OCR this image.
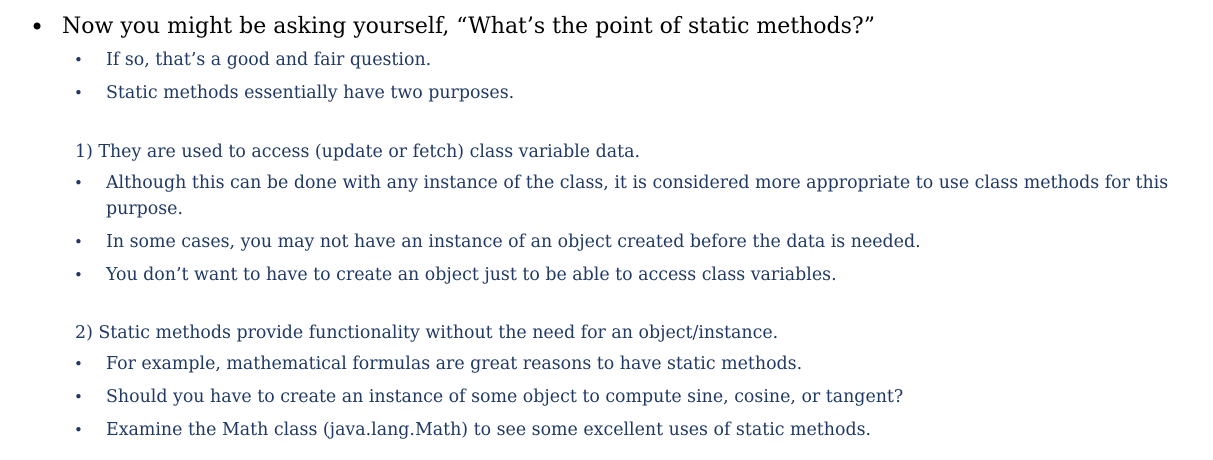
• Now you might be asking yourself, “What’s the point of static methods?”
•	If so, that’s a good and fair question.
•	Static methods essentially have two purposes.
1) They are used to access (update or fetch) class variable data.
•	Although this can be done with any instance of the class, it is considered more appropriate to use class methods for this purpose.
•	In some cases, you may not have an instance of an object created before the data is needed.
•	You don’t want to have to create an object just to be able to access class variables.
2) Static methods provide functionality without the need for an object/instance.
•	For example, mathematical formulas are great reasons to have static methods.
•	Should you have to create an instance of some object to compute sine, cosine, or tangent?
•	Examine the Math class (java.lang.Math) to see some excellent uses of static methods.
